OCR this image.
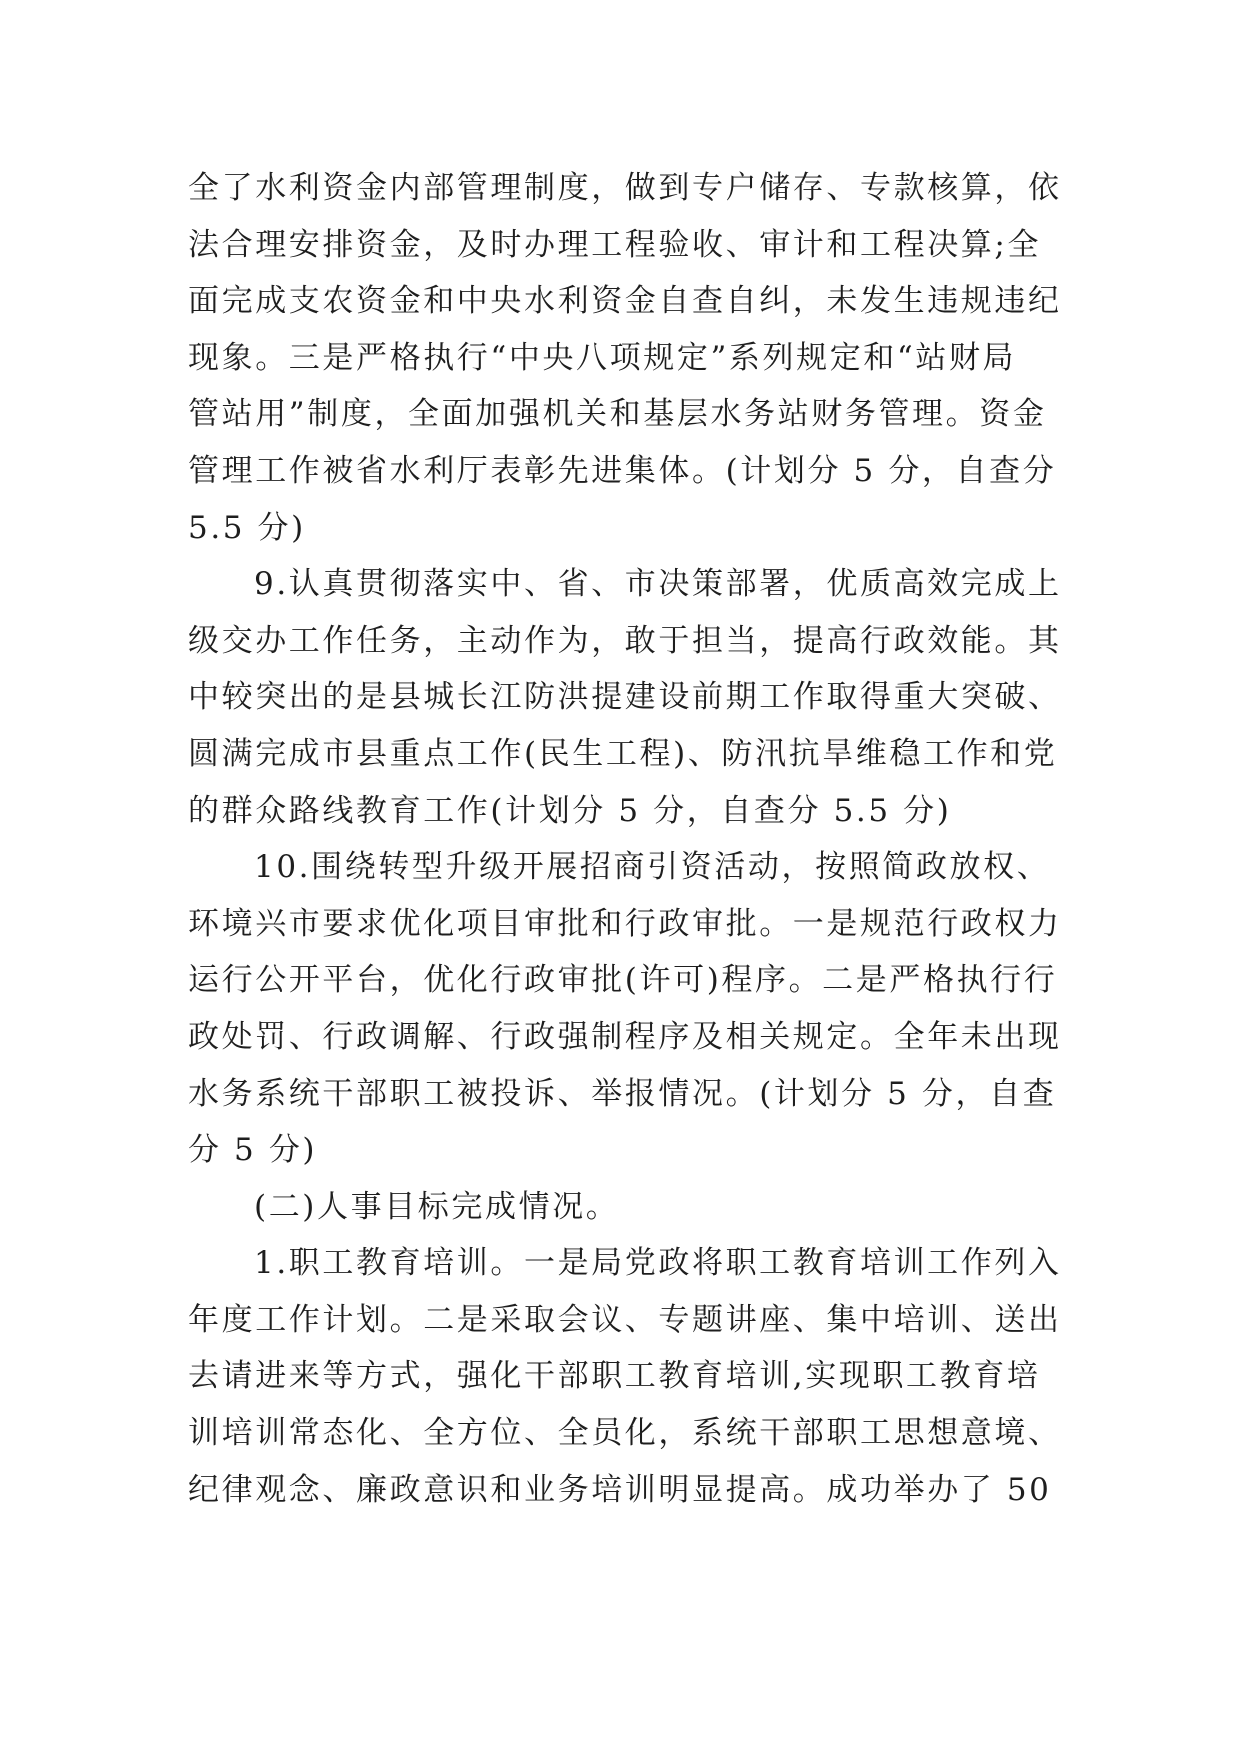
全了水利资金内部管理制度，做到专户储存、专款核算，依
法合理安排资金，及时办理工程验收、审计和工程决算;全
面完成支农资金和中央水利资金自查自纠，未发生违规违纪
现象。三是严格执行“中央八项规定”系列规定和“站财局
管站用”制度，全面加强机关和基层水务站财务管理。资金
管理工作被省水利厅表彰先进集体。(计划分 5 分，自查分
5.5 分)
9.认真贯彻落实中、省、市决策部署，优质高效完成上
级交办工作任务，主动作为，敢于担当，提高行政效能。其
中较突出的是县城长江防洪提建设前期工作取得重大突破、
圆满完成市县重点工作(民生工程)、防汛抗旱维稳工作和党
的群众路线教育工作(计划分 5 分，自查分 5.5 分)
10.围绕转型升级开展招商引资活动，按照简政放权、
环境兴市要求优化项目审批和行政审批。一是规范行政权力
运行公开平台，优化行政审批(许可)程序。二是严格执行行
政处罚、行政调解、行政强制程序及相关规定。全年未出现
水务系统干部职工被投诉、举报情况。(计划分 5 分，自查
分 5 分)
(二)人事目标完成情况。
1.职工教育培训。一是局党政将职工教育培训工作列入
年度工作计划。二是采取会议、专题讲座、集中培训、送出
去请进来等方式，强化干部职工教育培训,实现职工教育培
训培训常态化、全方位、全员化，系统干部职工思想意境、
纪律观念、廉政意识和业务培训明显提高。成功举办了 50
